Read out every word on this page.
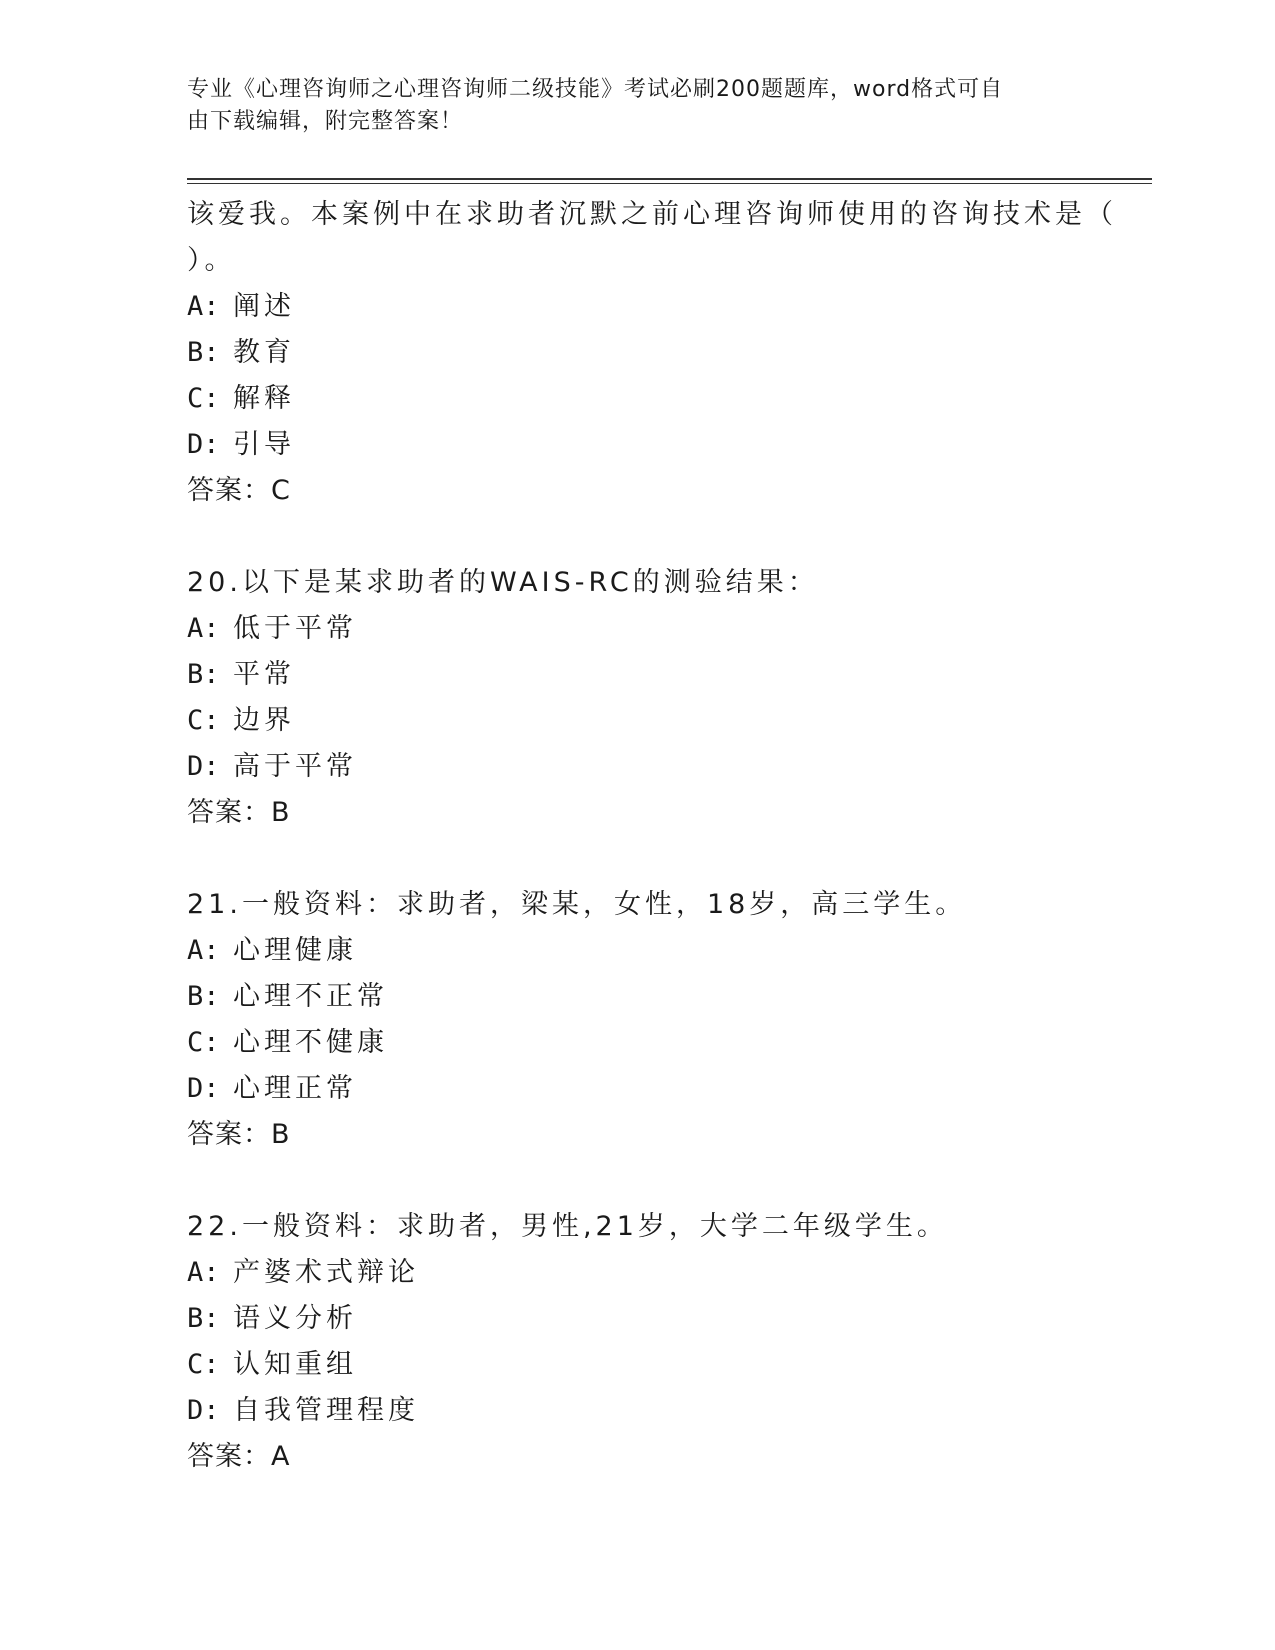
专业《心理咨询师之心理咨询师二级技能》考试必刷200题题库，word格式可自
由下载编辑，附完整答案！
该爱我。本案例中在求助者沉默之前心理咨询师使用的咨询技术是（
）。
A: 阐述
B: 教育
C: 解释
D: 引导
答案：C
20.以下是某求助者的WAIS-RC的测验结果：
A: 低于平常
B: 平常
C: 边界
D: 高于平常
答案：B
21.一般资料：求助者，梁某，女性，18岁，高三学生。
A: 心理健康
B: 心理不正常
C: 心理不健康
D: 心理正常
答案：B
22.一般资料：求助者，男性,21岁，大学二年级学生。
A: 产婆术式辩论
B: 语义分析
C: 认知重组
D: 自我管理程度
答案：A
